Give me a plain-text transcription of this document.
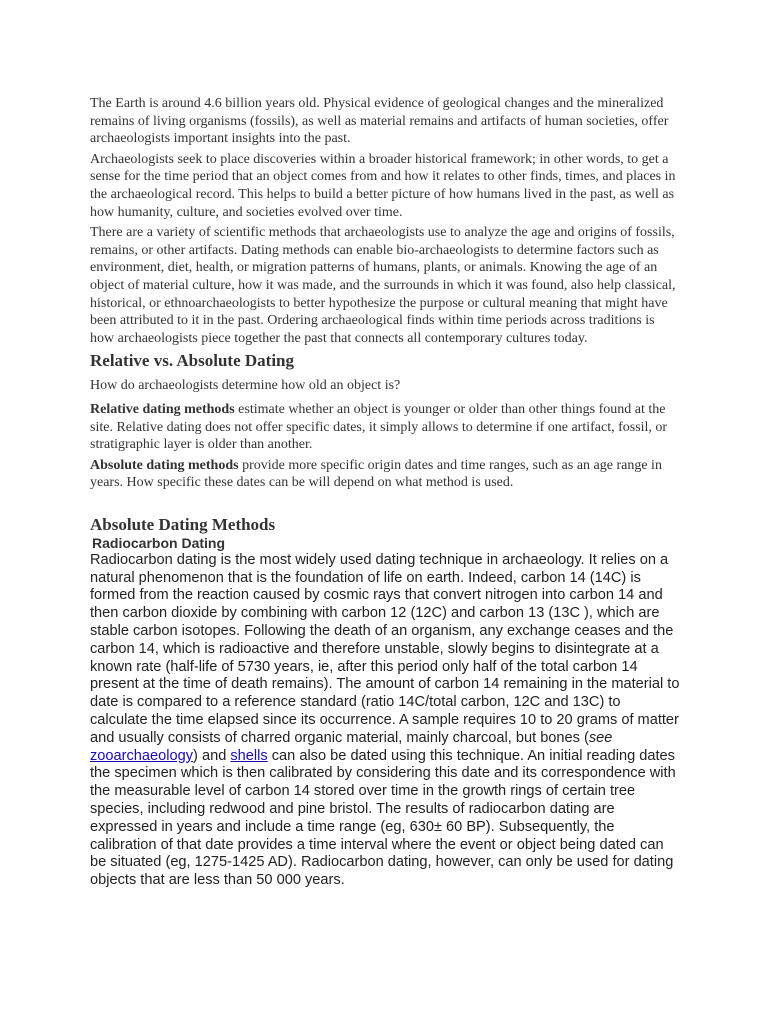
The Earth is around 4.6 billion years old. Physical evidence of geological changes and the mineralized remains of living organisms (fossils), as well as material remains and artifacts of human societies, offer archaeologists important insights into the past.

Archaeologists seek to place discoveries within a broader historical framework; in other words, to get a sense for the time period that an object comes from and how it relates to other finds, times, and places in the archaeological record. This helps to build a better picture of how humans lived in the past, as well as how humanity, culture, and societies evolved over time.

There are a variety of scientific methods that archaeologists use to analyze the age and origins of fossils, remains, or other artifacts. Dating methods can enable bio-archaeologists to determine factors such as environment, diet, health, or migration patterns of humans, plants, or animals. Knowing the age of an object of material culture, how it was made, and the surrounds in which it was found, also help classical, historical, or ethnoarchaeologists to better hypothesize the purpose or cultural meaning that might have been attributed to it in the past. Ordering archaeological finds within time periods across traditions is how archaeologists piece together the past that connects all contemporary cultures today.

Relative vs. Absolute Dating

How do archaeologists determine how old an object is?

Relative dating methods estimate whether an object is younger or older than other things found at the site. Relative dating does not offer specific dates, it simply allows to determine if one artifact, fossil, or stratigraphic layer is older than another.

Absolute dating methods provide more specific origin dates and time ranges, such as an age range in years. How specific these dates can be will depend on what method is used.

Absolute Dating Methods
Radiocarbon Dating

Radiocarbon dating is the most widely used dating technique in archaeology. It relies on a natural phenomenon that is the foundation of life on earth. Indeed, carbon 14 (14C) is formed from the reaction caused by cosmic rays that convert nitrogen into carbon 14 and then carbon dioxide by combining with carbon 12 (12C) and carbon 13 (13C ), which are stable carbon isotopes. Following the death of an organism, any exchange ceases and the carbon 14, which is radioactive and therefore unstable, slowly begins to disintegrate at a known rate (half-life of 5730 years, ie, after this period only half of the total carbon 14 present at the time of death remains). The amount of carbon 14 remaining in the material to date is compared to a reference standard (ratio 14C/total carbon, 12C and 13C) to calculate the time elapsed since its occurrence. A sample requires 10 to 20 grams of matter and usually consists of charred organic material, mainly charcoal, but bones (see zooarchaeology) and shells can also be dated using this technique. An initial reading dates the specimen which is then calibrated by considering this date and its correspondence with the measurable level of carbon 14 stored over time in the growth rings of certain tree species, including redwood and pine bristol. The results of radiocarbon dating are expressed in years and include a time range (eg, 630± 60 BP). Subsequently, the calibration of that date provides a time interval where the event or object being dated can be situated (eg, 1275-1425 AD). Radiocarbon dating, however, can only be used for dating objects that are less than 50 000 years.
